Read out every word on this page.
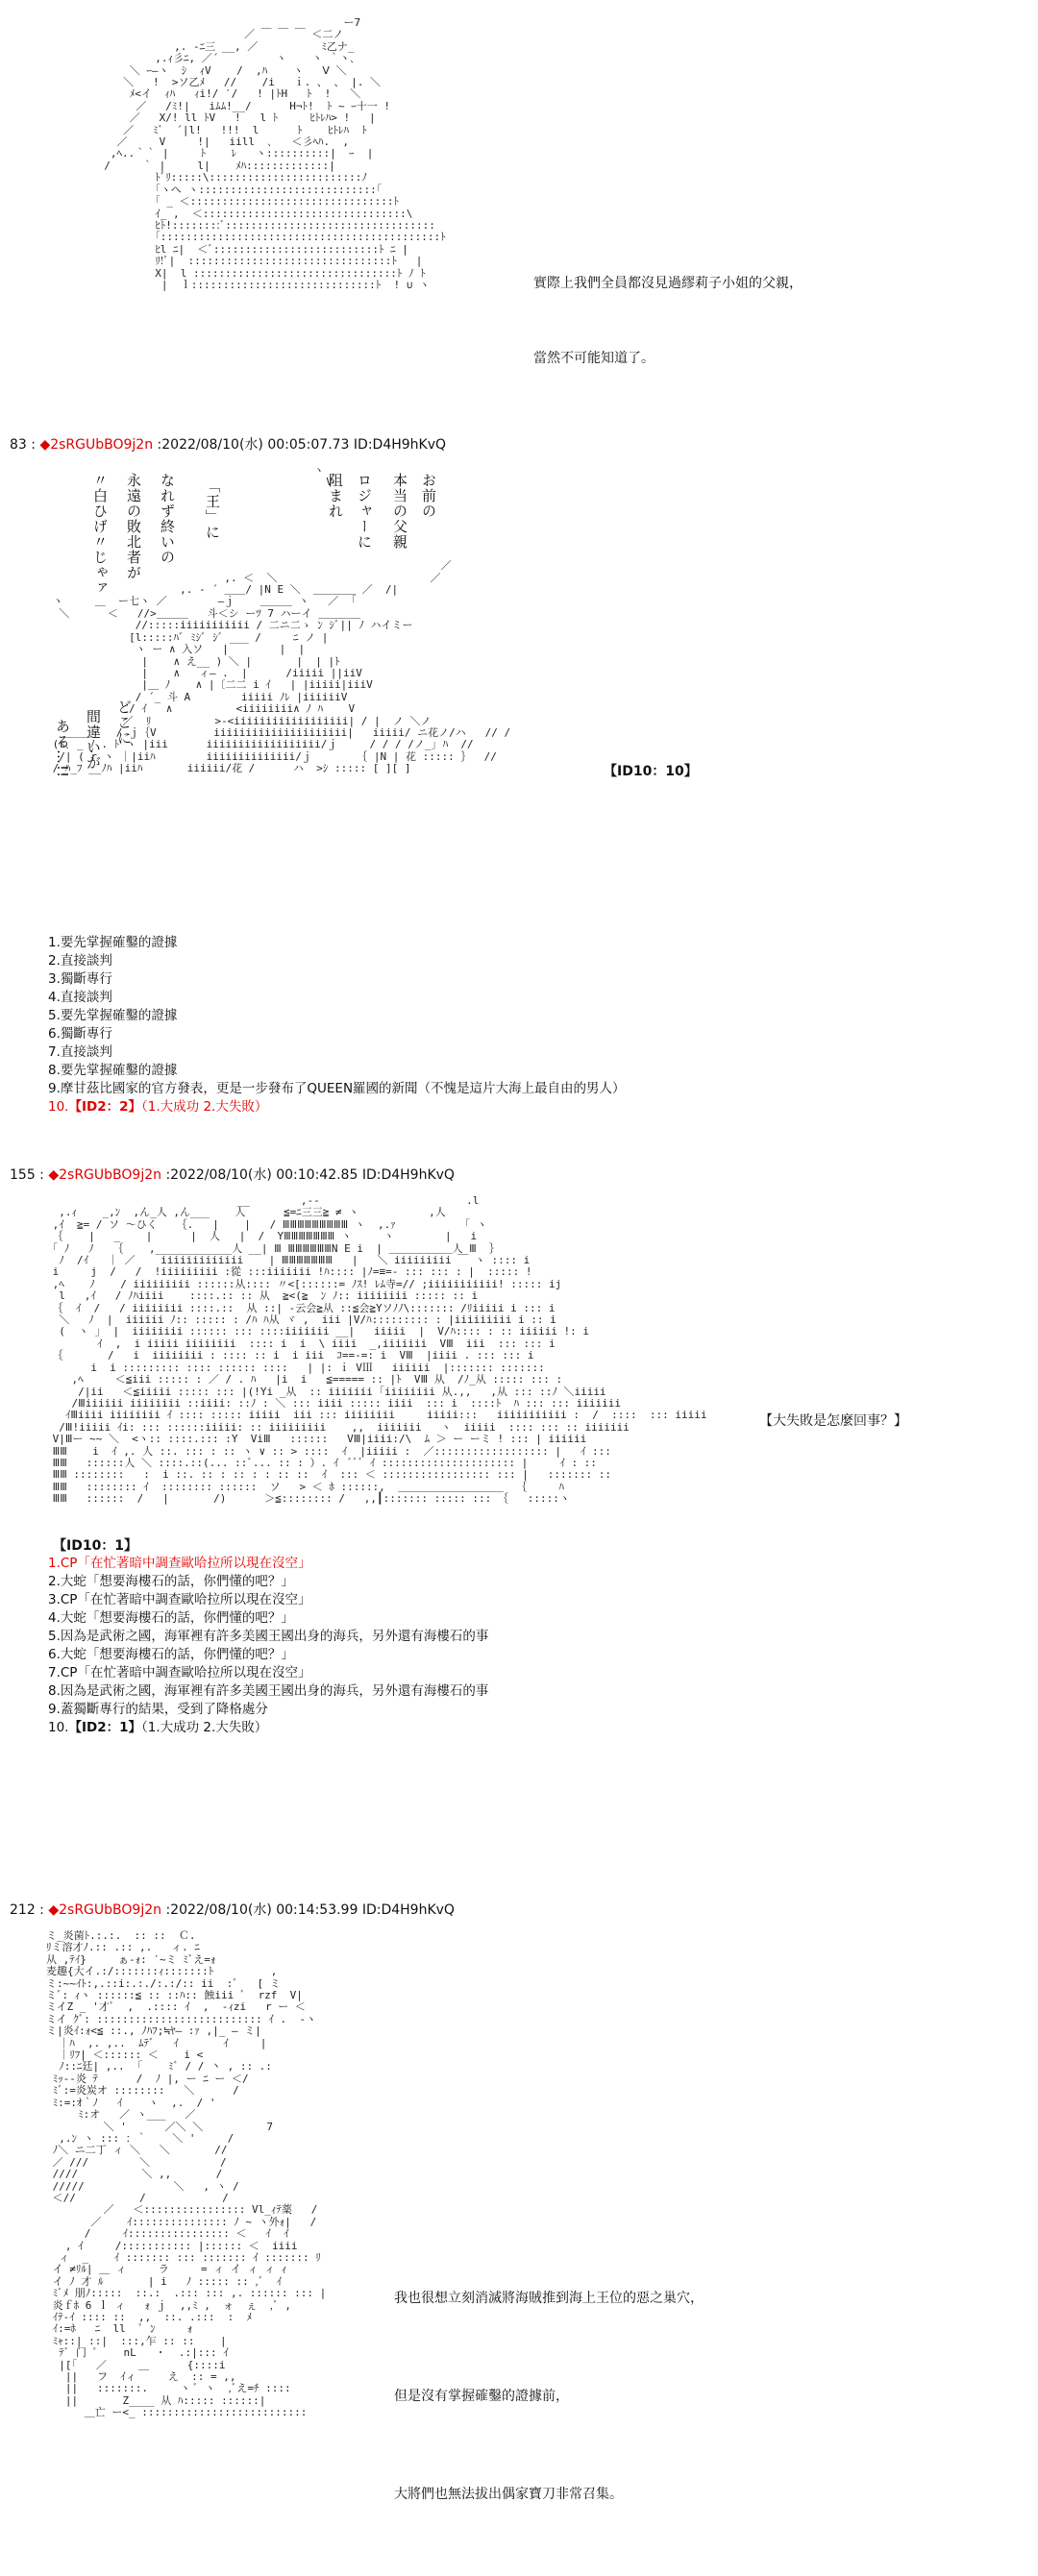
￣￣￣ ￣ー7
／ ￣ ￣ ￣ ＜二ノ
,. -ﾆ三 __, ／          ﾐ乙ナ_
,.ｨ彡ﾆ, ／´         ヽ    ヽ ｀ヽ､
＼ ｰ―ヽ  ｼ  ｨV    /  ,ﾊ    ヽ   Ⅴ ＼
＼   !  >ソ乙ﾒ   //    /i   ｉ. 、 、 |. ＼
ﾒ<イ  ｨﾊ   ｨi!/ ′/   ! |ﾄH   ﾄ  !   ＼
／   /ﾐ!|   iﾑﾑ!__/      H¬ﾄ!  ﾄ ~ ｰ十一 !
／   X/! ll ﾄV   !   l ﾄ     ﾋﾄﾚﾊ> !   |
／   ﾐﾞ  ´|l!   !!!  l      ﾄ    ﾋﾄﾚﾊ  ﾄ
／     V     !|   iill  ､   ＜彡ﾍﾊ.  ,
,ﾍ..｀｀ |     ﾄ    ﾚ   ヽ::::::::::|  ｰ  |
/     ｀ |     l|    ﾒﾊ:::::::::::::|
ﾄﾞﾘ:::::\::::::::::::::::::::::::ﾉ
｢ヽヘ ヽ::::::::::::::::::::::::::::｢
｢ _ ＜::::::::::::::::::::::::::::::::ﾄ
ｲ_ ,  ＜::::::::::::::::::::::::::::::::\
ﾋﾄ!::::::::ﾞ:::::::::::::::::::::::::::::::::
｢::::::::::::::::::::::::::::::::::::::::::::ﾄ
ﾋl ﾆ|  ＜ﾞ::::::::::::::::::::::::::ﾄ ﾆ |
ﾘ!ﾞ|  ::::::::::::::::::::::::::::::::ﾄ   |
X|  l ::::::::::::::::::::::::::::::::ﾄ ﾉ ﾄ
|  ｌ:::::::::::::::::::::::::::::ﾄ  ! ∪ ヽ

	實際上我們全員都沒見過繆莉子小姐的父親，

當然不可能知道了。

83 : ◆2sRGUbBO9j2n :2022/08/10(水) 00:05:07.73 ID:D4H9hKvQ
お前の
本当の父親
ロジャーに
阻まれ
「王」に
なれず終いの
永遠の敗北者が
〃白ひげ〃じゃァ
どこに
間違いが
ある…!!
ヽ
V

／
,. ＜  ＼                        ／
,. ‐ ´ ＿＿/ |N E ＼  ＿＿＿＿ ／  /|
ヽ     ＿  ー七ヽ ／        ―ｊ    ＿＿＿ ヽ   ／  ｢
＼      ＜   //>＿＿＿   斗＜シ ーﾂ 7 ハーイ ＿＿＿＿
//:::::iiiiiiiiiii / 二ニ二ゝ ﾝ ｼﾞ|| ﾉ ハイミー
[l:::::ﾊﾞ ﾐｼﾞ ｼﾞ ___ /     ﾆ ノ |
ヽ ー ∧ 入ソ   |        |  |
|    ∧ え__ ) ＼ |       |  | |ﾄ
|    ∧   ィ― .  |      /iiiii ||iiV
|＿ ﾉ    ∧ |〔二二 i ｲ   | |iiiii|iiiV
/ ´_ 斗 A        iiiii ﾉﾚ |iiiiiiV
/ ｲ   ∧          <iiiiiiii∧ ﾉ ﾊ    V
／  ﾘ          >-<iiiiiiiiiiiiiiiiii| / |  ノ ＼ノ
＿＿＿    / ｊ｛V         iiiiiiiiiiiiiiiiiiiii|   iiiii/ ニ花ノ/ハ   // /
(r､ _ ﾉ . ﾄ ヽ |iii      iiiiiiiiiiiiiiiiii/ｊ     / / / /ノ_｣ ﾊ  //
/| ( r ヽ ｜|iiﾊ        iiiiiiiiiiiiii/ｊ       ｛ |N | 花 ::::: ｝  //
/ ﾊ_ﾌ __ﾉﾊ |iiﾊ       iiiiii/花 /      ハ  >ｼ ::::: [ ][ ]	【ID10：10】
1.要先掌握確鑿的證據
2.直接談判
3.獨斷專行
4.直接談判
5.要先掌握確鑿的證據
6.獨斷專行
7.直接談判
8.要先掌握確鑿的證據
9.摩甘茲比國家的官方發表，更是一步發布了QUEEN羅國的新聞（不愧是這片大海上最自由的男人）
10.【ID2：2】（1.大成功 2.大失敗）
155 : ◆2sRGUbBO9j2n :2022/08/10(水) 00:10:42.85 ID:D4H9hKvQ
__        ,--                       .l
,.ｨ    _,ﾝ  ,ん_人 ,ん___    人      ≦=ﾆ三三≧ ≠ ヽ           ,人
,ｲ  ≧= / ソ ～ひく   ｛.   |    |   / ⅢⅢⅢⅢⅢⅢⅢⅢⅢ ヽ  ,.ｧ          「 ヽ
｛    |   _    |      |  人   |  /  YⅢⅢⅢⅢⅢⅢⅢ ヽ     ヽ        |   i
｢ ﾉ   ﾉ   ｛    ,____________人 __| Ⅲ ⅢⅢⅢⅢⅢⅢN E i  | ＿＿＿＿＿＿人 Ⅲ  ｝
ﾉ  /ｲ   ｜ ／    iiiiiiiiiiiii    | ⅢⅢⅢⅢⅢⅢⅢ   |   ＼ iiiiiiiii ￣ ヽ :::: i
i     j  /   /  !iiiiiiiii :從 :::iiiiiii !ﾊ:::: |ﾉ=≡=- ::: ::: : |  ::::: !
,ﾍ    ﾉ    / iiiiiiiii ::::::从:::: 〃<[::::::= ﾉｽ! ﾚﾑ寺=// ;iiiiiiiiiii! ::::: ij
l   ,ｲ   / ﾉﾊiiii    ::::.:: :: 从  ≧<(≧  ﾝ ﾉ:: iiiiiiii ::::: :: i
｛  ｲ  /   / iiiiiiii ::::.::  从 ::| -云会≧从 ::≦会≧Yソﾉﾉ\::::::: /ﾘiiiii i ::: i
＼   ﾉ  |  iiiiii ﾉ:: ::::: : /ﾊ ﾊ从 ヾ ,  iii |V/ﾊ::::::::: : |iiiiiiiii i :: i
(  ヽ ｣  |  iiiiiiii :::::: ::: ::::iiiiiii __|   iiiii  |  V/ﾊ:::: : :: iiiiii !: i
ｲ  ,  i iiiii iiiiiiii  :::: i  i  \ iiii  _,iiiiiii  VⅢ  iii  ::: ::: i
｛       /   i  iiiiiiii : :::: :: i  i iii  ｺ==-=: i  VⅢ  |iiii . ::: ::: i
i  i ::::::::: :::: :::::: ::::   | |: ｉ VⅢ   iiiiii  |::::::: :::::::
,ﾍ     ＜≦iii ::::: : ／ / . ﾊ   |i  i   ≦===== :: |ﾄ  VⅢ 从  /ﾉ_从 ::::: ::: :
/|ii   ＜≦iiiii ::::: ::: |(!Yi _从  :: iiiiiii ｢iiiiiiii 从.,,   ,从 ::: ::ﾉ ＼iiiii
/Ⅲiiiiii iiiiiiii ::iiii: ::ﾉ : ＼ ::: iiii ::::: iiii  ::: i  ::::ﾄ  ﾊ ::: ::: iiiiiii
ｲⅢiiii iiiiiiii ｲ :::: ::::: iiiii  iii ::: iiiiiiii     iiiii:::   iiiiiiiiiii :  /  ::::  ::: iiiii
/Ⅲ!iiiii ｲi: ::: ::::::iiiii: :: iiiiiiiii    ,,  iiiiiii   ヽ  iiiii  :::: ::: :: iiiiiii
V|Ⅲー ~~ ＼  <ヽ:: ::::.::: :Y  ViⅢ   ::::::   VⅢ|iiii:/\  ﾑ ＞ ー ーミ ! ::: | iiiiii
ⅢⅢ    i  ｲ ,. 人 ::. ::: : :: ヽ ∨ :: > ::::  ｲ  |iiiii :  ／:::::::::::::::::: |   ｲ :::
ⅢⅢ   ::::::人 ＼ ::::.::(... ::ﾞ... :: : ）. ｲ  ﾞﾞﾞ ｲ ::::::::::::::::::::: |     ｲ : ::
ⅢⅢ ::::::::   :  i ::. :: : :: : : :: ::  ｲ  ::: ＜ ::::::::::::::::: ::: |   ::::::: ::
ⅢⅢ   :::::::: ｲ  :::::::: ::::::  ソ   > ＜ ﾎ ::::::,  ＿＿＿＿＿＿＿＿＿＿  ｛     ﾊ
ⅢⅢ   ::::::  /   |       /)      ＞≦:::::::: /   ,,┃::::::: ::::: ::: ｛   :::::ヽ
【大失敗是怎麼回事？】
【ID10：1】
1.CP「在忙著暗中調查歐哈拉所以現在沒空」
2.大蛇「想要海樓石的話，你們懂的吧？」
3.CP「在忙著暗中調查歐哈拉所以現在沒空」
4.大蛇「想要海樓石的話，你們懂的吧？」
5.因為是武術之國，海軍裡有許多美國王國出身的海兵，另外還有海樓石的事
6.大蛇「想要海樓石的話，你們懂的吧？」
7.CP「在忙著暗中調查歐哈拉所以現在沒空」
8.因為是武術之國，海軍裡有許多美國王國出身的海兵，另外還有海樓石的事
9.蓋獨斷專行的結果，受到了降格處分
10.【ID2：1】（1.大成功 2.大失敗）
212 : ◆2sRGUbBO9j2n :2022/08/10(水) 00:14:53.99 ID:D4H9hKvQ
ミ_炎菌ﾄ.:.:.  :: ::  Ｃ.
ﾘミ溶才ﾉ.:: .:: ,.   ィ. ﾆ
从 ,ﾃｲ}     ぁ‐ｫ: ′~ミ ﾐﾞえ=ｫ
麦趣{大イ.:/:::::::ｨ:::::::ﾄ         ,
ミ:~~ｲﾄ:,.::i:.:./:.:/:: ii  :ﾞ   [ ミ
ミﾞ: ｨヽ ::::::≦ :: ::ﾊ:: 蝕iii ﾞ  rzf  V|
ミイZ _ '才ﾞ  ,  .:::: ｲ  ,  -ｨzi   r ー ＜
ミイ ｸﾞ: :::::::::::::::::::::::::: ｲ .  -ヽ
ミ|炎ｲ:ｫ<≦ ::., ﾉﾊﾌ;≒ﾔ― :ｧ ,|_ ― ミ|
｜ﾊ  ,. ,..  ﾑﾃﾞ   ｲ       ｲ     |
｜ﾘﾌ| ＜:::::: ＜    i <
ﾉ::ﾆ廷| ,..  ｢    ﾐﾞ / / 丶 , :: .:
ﾐｯ--炎 ﾃ      /  ﾉ |, ー ﾆ ー ＜/
ﾐﾞ:=炎炭オ ::::::::   ＼      /
ﾐ:=:ｵ｀ﾉ   ｲ    ヽ  ,.  / '
ﾐ:オ   ／ ヽ___   ／
＼ '      ／＼ ＼          7
,.ﾝ ヽ ::: ：｀    ＼ '     /
ﾉ＼ ニ二丁 ィ ＼   ＼       //
／ ///        ＼           /
////          ＼ ,,       /
/////              ＼   , ヽ /
＜//          /            /
／   ＜:::::::::::::::: Vl_ｨﾃ薬   /
／    ｲ::::::::::::::: ﾉ ~ ヽ外ｫ|   /
/     ｲ:::::::::::::::: ＜   ｲ  ｲ
, ｲ     /::::::::::: |:::::: ＜  iiii
ィ  _    ｲ ::::::: ::: ::::::: ｲ ::::::: ﾘ
イ ≠ﾘﾙ| ＿ ィ     ラ     = ィ イ ィ ィ ｨ
イ ﾉ 才 ﾙ       | i   ﾉ ::::: :: ,ﾞ  ｲ
ﾐﾞﾒ 朋ﾉ:::::  ::.:  .::: ::: ,. :::::: ::: |
炎ｆﾎ 6 ｌ ィ   ｫ ｊ  ,,ﾐ ,  ォ  ぇ  ,ﾞ ,
ｲﾃ-ｲ :::: ::  ,,  ::. .:::  :  ﾒ
ｲ:=ﾎ   ﾆ  ll  ﾟ ﾝ     ｫ
ﾐｬ::| ::|  :::,乍 :: ::    |
ﾃﾞ 门 ﾟ    nL   ・  .:|::: ｲ
|[｢   ／     ＿      {::::i
||   フ  ｲィ     え  :: = ,,
||   :::::::.     ヽ ﾞ ヽ  ,ﾞえ=ﾁ ::::
||       Z____ 从 ﾊ::::: ::::::|
＿亡 ー<_ ::::::::::::::::::::::::::

我也很想立刻消滅將海賊推到海上王位的惡之巢穴，

但是沒有掌握確鑿的證據前，

大將們也無法拔出偶家寶刀非常召集。
